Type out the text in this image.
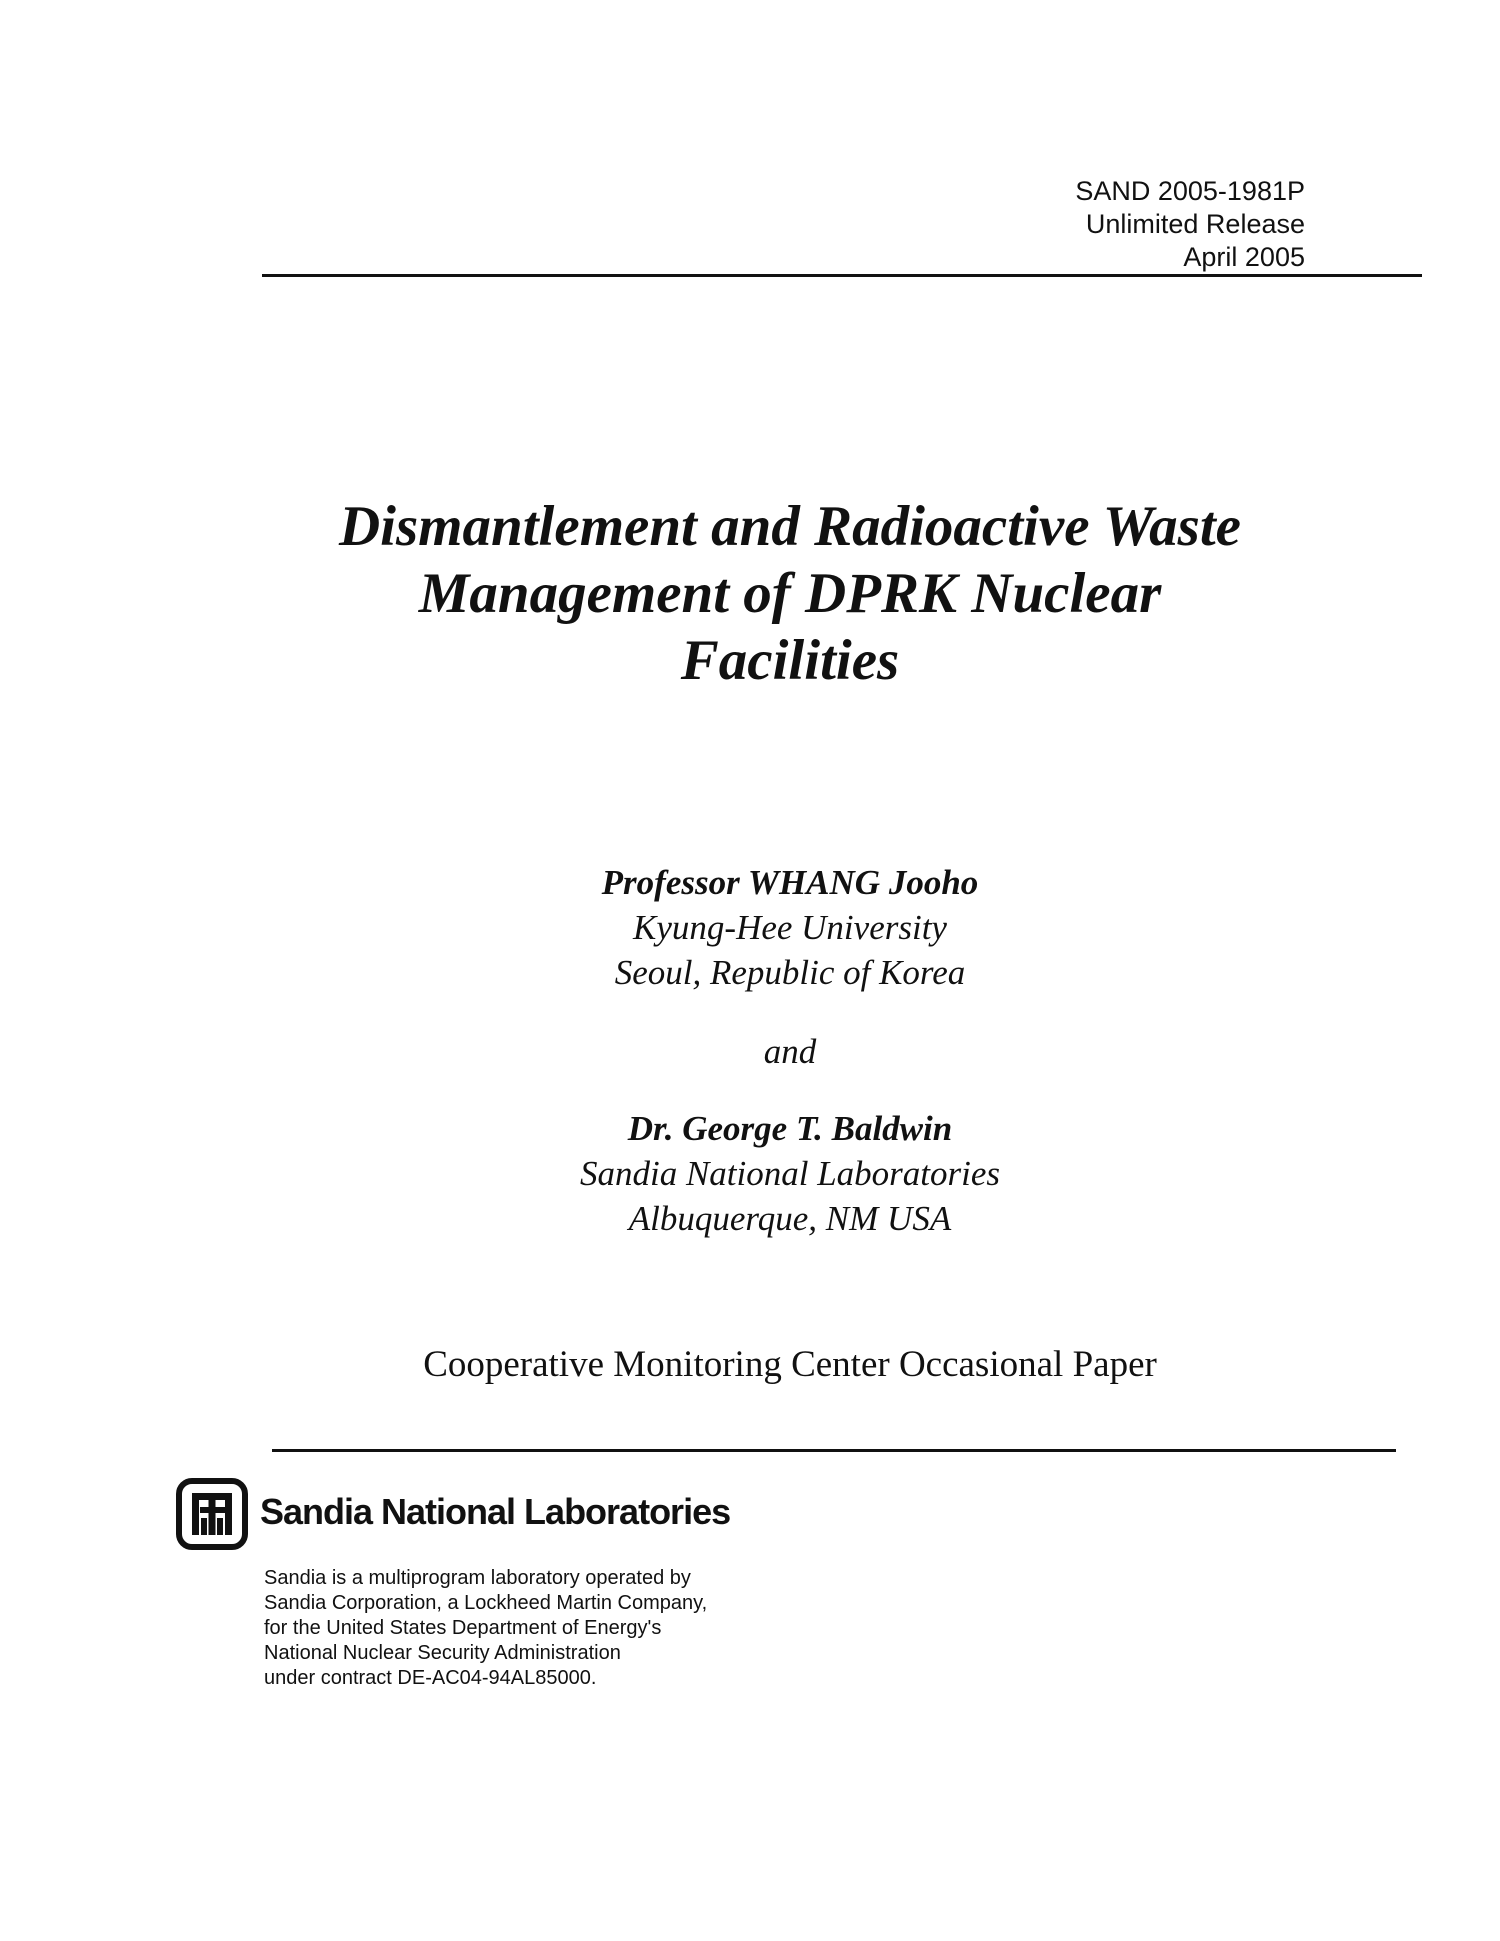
SAND 2005-1981P
Unlimited Release
April 2005
Dismantlement and Radioactive Waste
Management of DPRK Nuclear
Facilities
Professor WHANG Jooho
Kyung-Hee University
Seoul, Republic of Korea
and
Dr. George T. Baldwin
Sandia National Laboratories
Albuquerque, NM USA
Cooperative Monitoring Center Occasional Paper
Sandia National Laboratories
Sandia is a multiprogram laboratory operated by
Sandia Corporation, a Lockheed Martin Company,
for the United States Department of Energy's
National Nuclear Security Administration
under contract DE-AC04-94AL85000.
